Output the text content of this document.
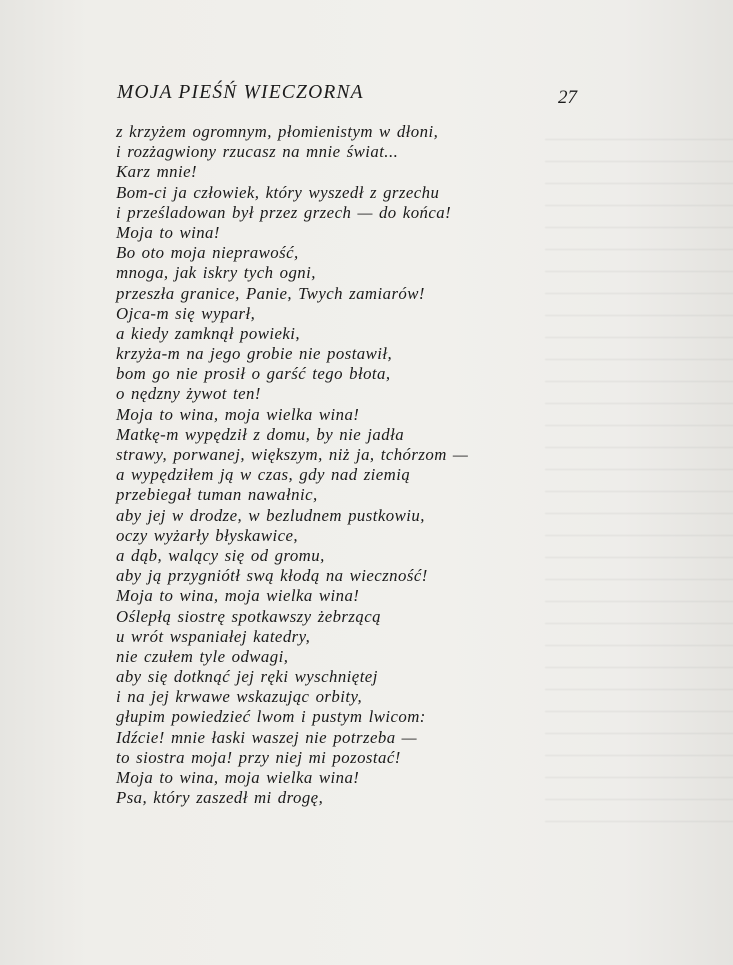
MOJA PIEŚŃ WIECZORNA	27
z krzyżem ogromnym, płomienistym w dłoni,
i rozżagwiony rzucasz na mnie świat...
Karz mnie!
Bom-ci ja człowiek, który wyszedł z grzechu
i prześladowan był przez grzech — do końca!
Moja to wina!
Bo oto moja nieprawość,
mnoga, jak iskry tych ogni,
przeszła granice, Panie, Twych zamiarów!
Ojca-m się wyparł,
a kiedy zamknął powieki,
krzyża-m na jego grobie nie postawił,
bom go nie prosił o garść tego błota,
o nędzny żywot ten!
Moja to wina, moja wielka wina!
Matkę-m wypędził z domu, by nie jadła
strawy, porwanej, większym, niż ja, tchórzom —
a wypędziłem ją w czas, gdy nad ziemią
przebiegał tuman nawałnic,
aby jej w drodze, w bezludnem pustkowiu,
oczy wyżarły błyskawice,
a dąb, walący się od gromu,
aby ją przygniótł swą kłodą na wieczność!
Moja to wina, moja wielka wina!
Oślepłą siostrę spotkawszy żebrzącą
u wrót wspaniałej katedry,
nie czułem tyle odwagi,
aby się dotknąć jej ręki wyschniętej
i na jej krwawe wskazując orbity,
głupim powiedzieć lwom i pustym lwicom:
Idźcie! mnie łaski waszej nie potrzeba —
to siostra moja! przy niej mi pozostać!
Moja to wina, moja wielka wina!
Psa, który zaszedł mi drogę,
